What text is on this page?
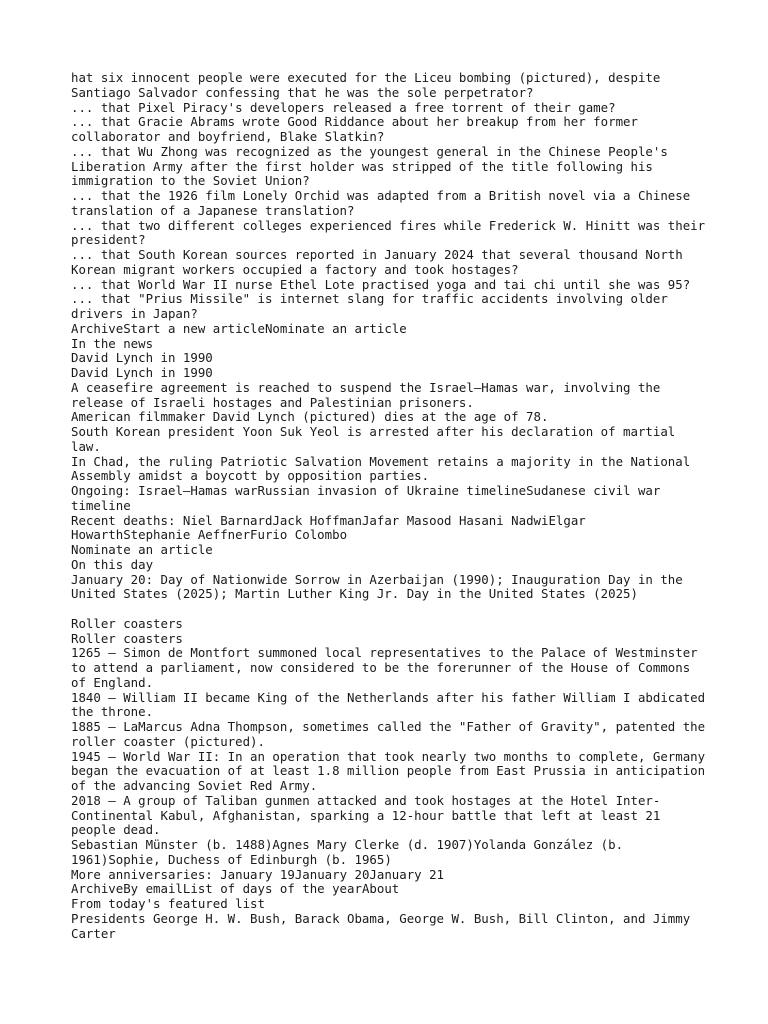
hat six innocent people were executed for the Liceu bombing (pictured), despite Santiago Salvador confessing that he was the sole perpetrator?
... that Pixel Piracy's developers released a free torrent of their game?
... that Gracie Abrams wrote Good Riddance about her breakup from her former collaborator and boyfriend, Blake Slatkin?
... that Wu Zhong was recognized as the youngest general in the Chinese People's Liberation Army after the first holder was stripped of the title following his immigration to the Soviet Union?
... that the 1926 film Lonely Orchid was adapted from a British novel via a Chinese translation of a Japanese translation?
... that two different colleges experienced fires while Frederick W. Hinitt was their president?
... that South Korean sources reported in January 2024 that several thousand North Korean migrant workers occupied a factory and took hostages?
... that World War II nurse Ethel Lote practised yoga and tai chi until she was 95?
... that "Prius Missile" is internet slang for traffic accidents involving older drivers in Japan?
ArchiveStart a new articleNominate an article
In the news
David Lynch in 1990
David Lynch in 1990
A ceasefire agreement is reached to suspend the Israel–Hamas war, involving the release of Israeli hostages and Palestinian prisoners.
American filmmaker David Lynch (pictured) dies at the age of 78.
South Korean president Yoon Suk Yeol is arrested after his declaration of martial law.
In Chad, the ruling Patriotic Salvation Movement retains a majority in the National Assembly amidst a boycott by opposition parties.
Ongoing: Israel–Hamas warRussian invasion of Ukraine timelineSudanese civil war timeline
Recent deaths: Niel BarnardJack HoffmanJafar Masood Hasani NadwiElgar HowarthStephanie AeffnerFurio Colombo
Nominate an article
On this day
January 20: Day of Nationwide Sorrow in Azerbaijan (1990); Inauguration Day in the United States (2025); Martin Luther King Jr. Day in the United States (2025)
Roller coasters
Roller coasters
1265 – Simon de Montfort summoned local representatives to the Palace of Westminster to attend a parliament, now considered to be the forerunner of the House of Commons of England.
1840 – William II became King of the Netherlands after his father William I abdicated the throne.
1885 – LaMarcus Adna Thompson, sometimes called the "Father of Gravity", patented the roller coaster (pictured).
1945 – World War II: In an operation that took nearly two months to complete, Germany began the evacuation of at least 1.8 million people from East Prussia in anticipation of the advancing Soviet Red Army.
2018 – A group of Taliban gunmen attacked and took hostages at the Hotel Inter-Continental Kabul, Afghanistan, sparking a 12-hour battle that left at least 21 people dead.
Sebastian Münster (b. 1488)Agnes Mary Clerke (d. 1907)Yolanda González (b. 1961)Sophie, Duchess of Edinburgh (b. 1965)
More anniversaries: January 19January 20January 21
ArchiveBy emailList of days of the yearAbout
From today's featured list
Presidents George H. W. Bush, Barack Obama, George W. Bush, Bill Clinton, and Jimmy Carter
